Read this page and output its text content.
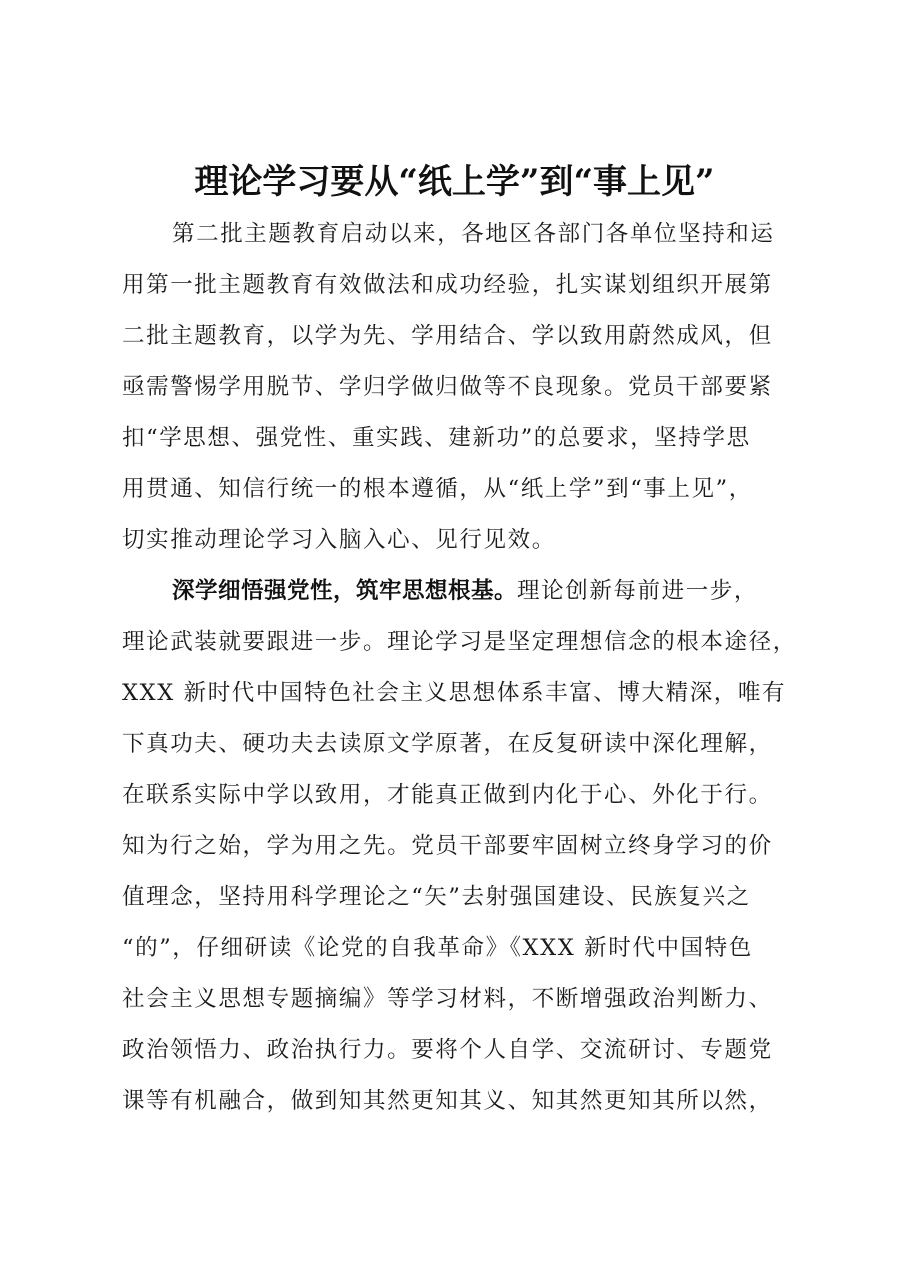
理论学习要从“纸上学”到“事上见”
第二批主题教育启动以来，各地区各部门各单位坚持和运
用第一批主题教育有效做法和成功经验，扎实谋划组织开展第
二批主题教育，以学为先、学用结合、学以致用蔚然成风，但
亟需警惕学用脱节、学归学做归做等不良现象。党员干部要紧
扣“学思想、强党性、重实践、建新功”的总要求，坚持学思
用贯通、知信行统一的根本遵循，从“纸上学”到“事上见”，
切实推动理论学习入脑入心、见行见效。
深学细悟强党性，筑牢思想根基。理论创新每前进一步，
理论武装就要跟进一步。理论学习是坚定理想信念的根本途径，
XXX 新时代中国特色社会主义思想体系丰富、博大精深，唯有
下真功夫、硬功夫去读原文学原著，在反复研读中深化理解，
在联系实际中学以致用，才能真正做到内化于心、外化于行。
知为行之始，学为用之先。党员干部要牢固树立终身学习的价
值理念，坚持用科学理论之“矢”去射强国建设、民族复兴之
“的”，仔细研读《论党的自我革命》《XXX 新时代中国特色
社会主义思想专题摘编》等学习材料，不断增强政治判断力、
政治领悟力、政治执行力。要将个人自学、交流研讨、专题党
课等有机融合，做到知其然更知其义、知其然更知其所以然，
